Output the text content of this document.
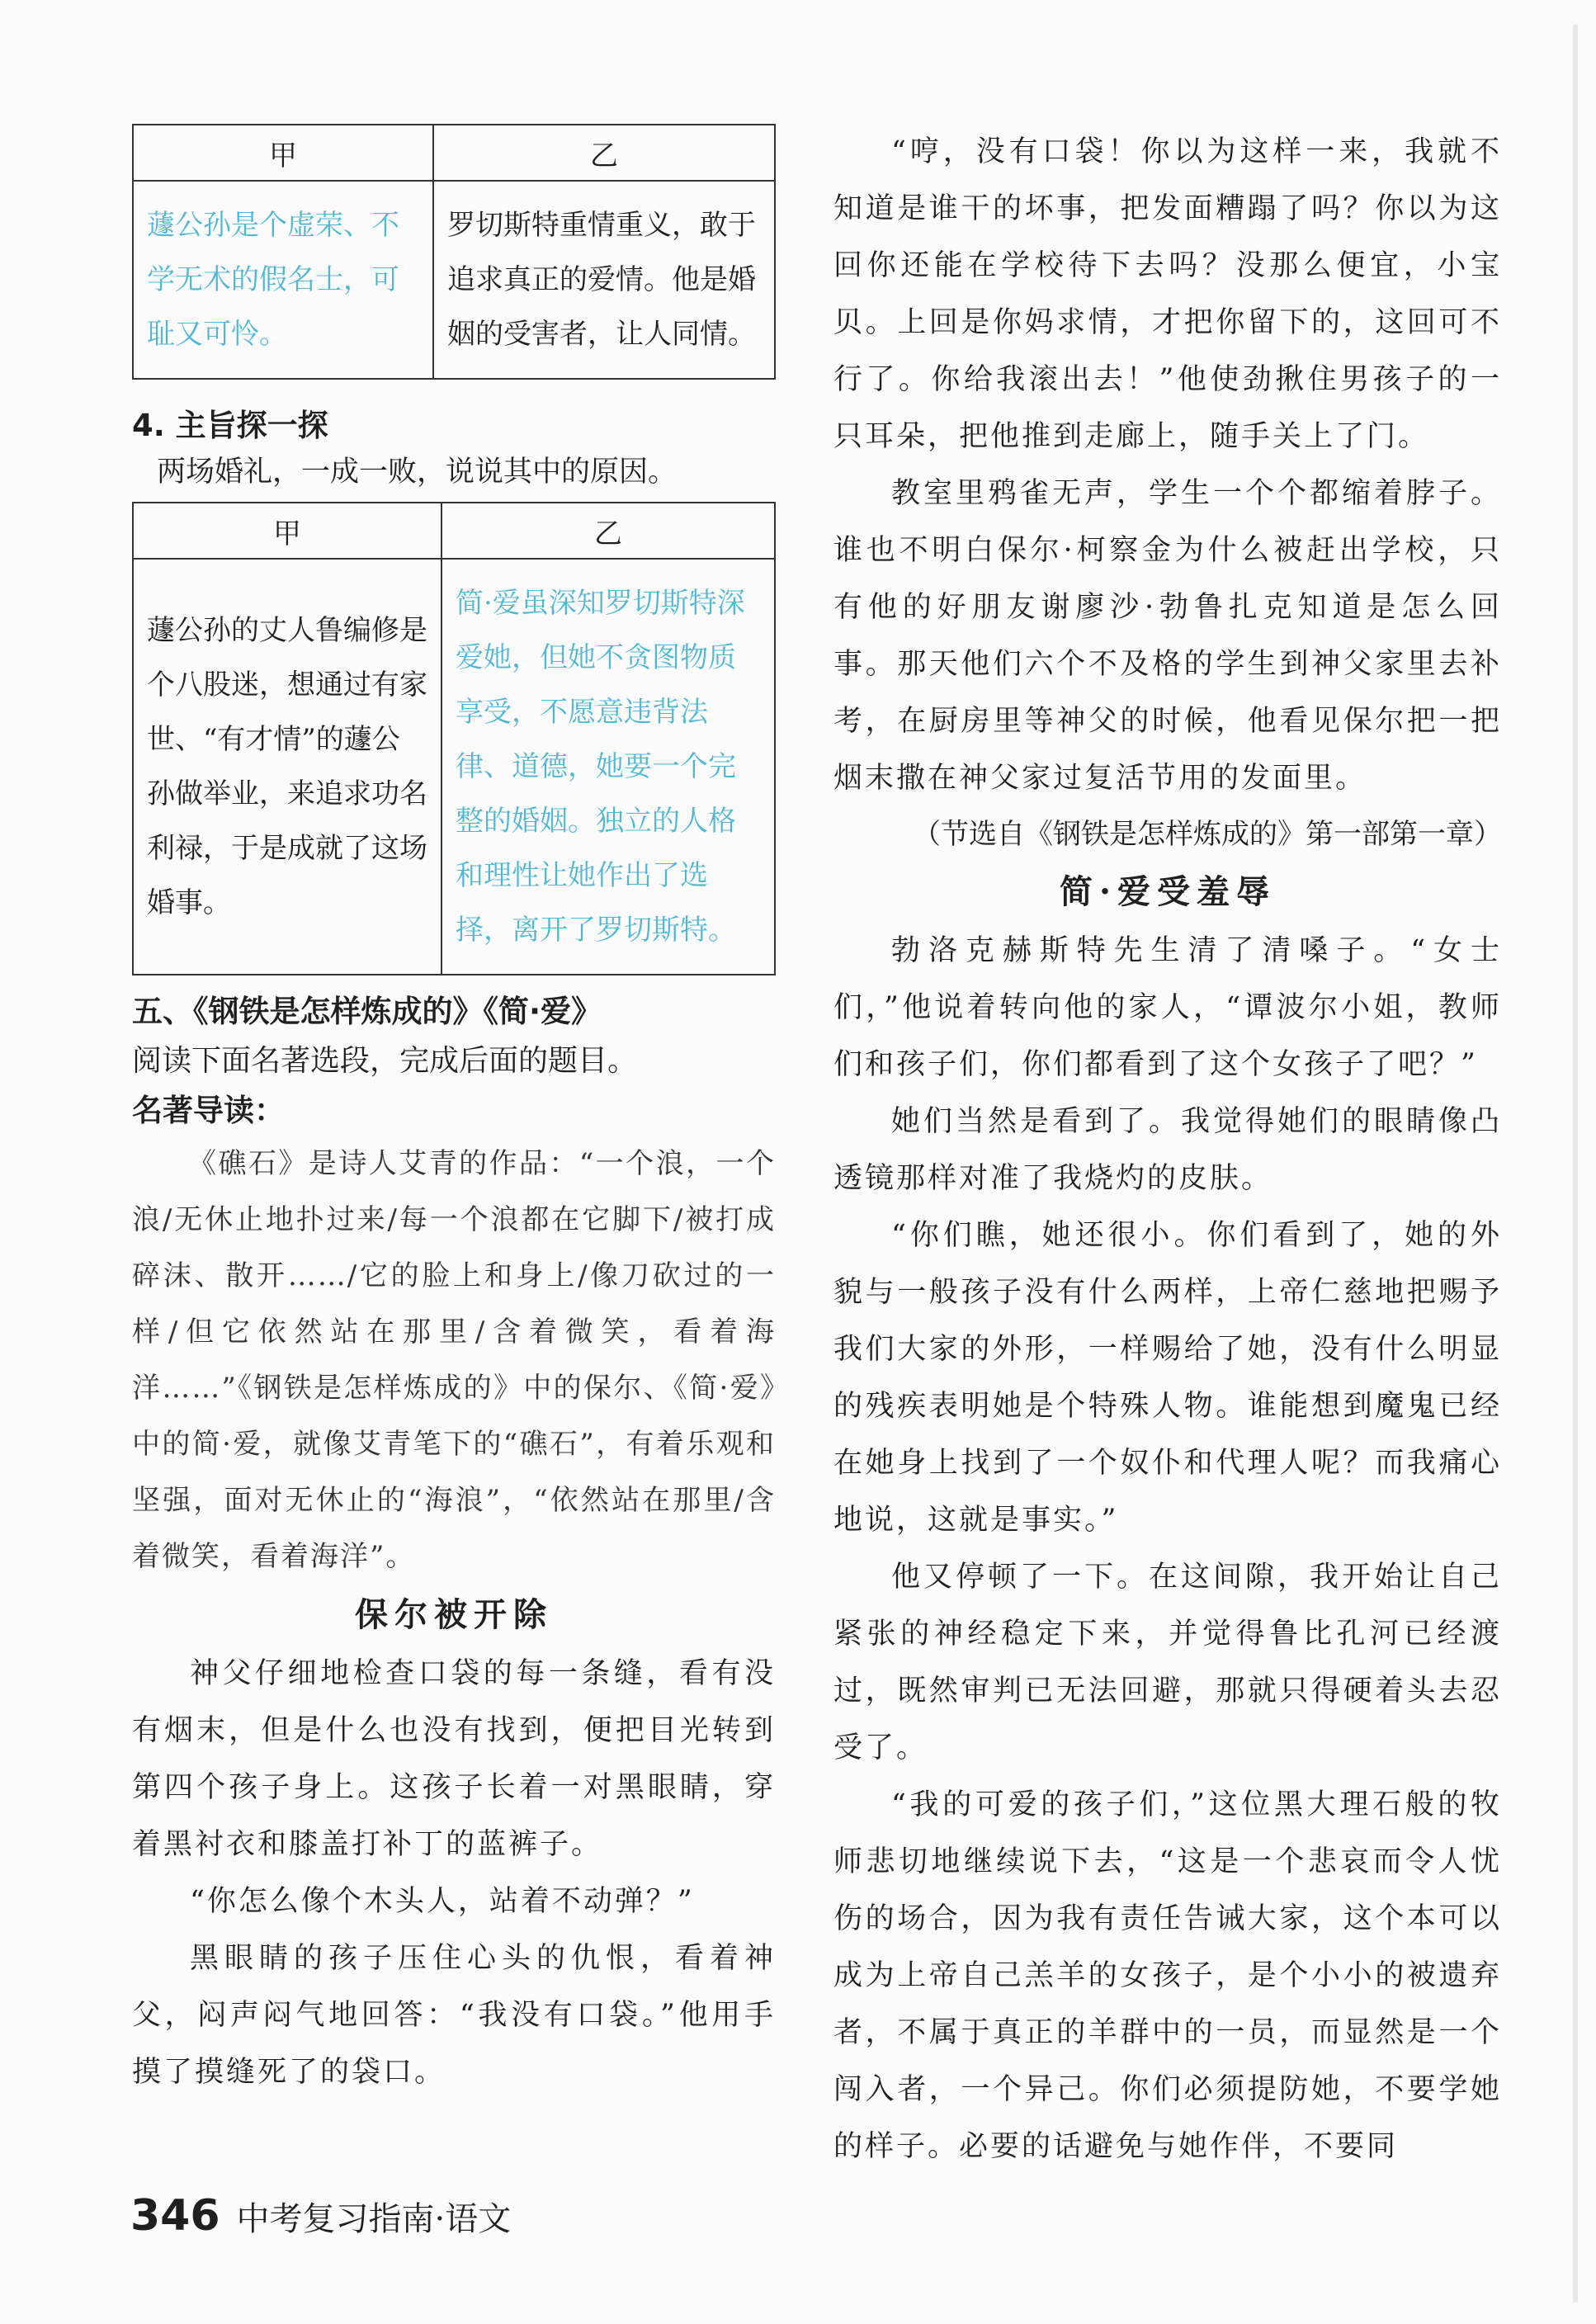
甲	乙
蘧公孙是个虚荣、不学无术的假名士，可耻又可怜。	罗切斯特重情重义，敢于追求真正的爱情。他是婚姻的受害者，让人同情。
4. 主旨探一探
两场婚礼，一成一败，说说其中的原因。
甲	乙
蘧公孙的丈人鲁编修是个八股迷，想通过有家世、“有才情”的蘧公孙做举业，来追求功名利禄，于是成就了这场婚事。	简·爱虽深知罗切斯特深爱她，但她不贪图物质享受，不愿意违背法律、道德，她要一个完整的婚姻。独立的人格和理性让她作出了选择，离开了罗切斯特。
五、《钢铁是怎样炼成的》《简·爱》

阅读下面名著选段，完成后面的题目。

名著导读：

《礁石》是诗人艾青的作品：“一个浪，一个浪/无休止地扑过来/每一个浪都在它脚下/被打成碎沫、散开……/它的脸上和身上/像刀砍过的一样/但它依然站在那里/含着微笑，看着海洋……”《钢铁是怎样炼成的》中的保尔、《简·爱》中的简·爱，就像艾青笔下的“礁石”，有着乐观和坚强，面对无休止的“海浪”，“依然站在那里/含着微笑，看着海洋”。

保尔被开除

神父仔细地检查口袋的每一条缝，看有没有烟末，但是什么也没有找到，便把目光转到第四个孩子身上。这孩子长着一对黑眼睛，穿着黑衬衣和膝盖打补丁的蓝裤子。

“你怎么像个木头人，站着不动弹？”

黑眼睛的孩子压住心头的仇恨，看着神父，闷声闷气地回答：“我没有口袋。”他用手摸了摸缝死了的袋口。

“哼，没有口袋！你以为这样一来，我就不知道是谁干的坏事，把发面糟蹋了吗？你以为这回你还能在学校待下去吗？没那么便宜，小宝贝。上回是你妈求情，才把你留下的，这回可不行了。你给我滚出去！”他使劲揪住男孩子的一只耳朵，把他推到走廊上，随手关上了门。

教室里鸦雀无声，学生一个个都缩着脖子。谁也不明白保尔·柯察金为什么被赶出学校，只有他的好朋友谢廖沙·勃鲁扎克知道是怎么回事。那天他们六个不及格的学生到神父家里去补考，在厨房里等神父的时候，他看见保尔把一把烟末撒在神父家过复活节用的发面里。

（节选自《钢铁是怎样炼成的》第一部第一章）

简·爱受羞辱

勃洛克赫斯特先生清了清嗓子。“女士们，”他说着转向他的家人，“谭波尔小姐，教师们和孩子们，你们都看到了这个女孩子了吧？”

她们当然是看到了。我觉得她们的眼睛像凸透镜那样对准了我烧灼的皮肤。

“你们瞧，她还很小。你们看到了，她的外貌与一般孩子没有什么两样，上帝仁慈地把赐予我们大家的外形，一样赐给了她，没有什么明显的残疾表明她是个特殊人物。谁能想到魔鬼已经在她身上找到了一个奴仆和代理人呢？而我痛心地说，这就是事实。”

他又停顿了一下。在这间隙，我开始让自己紧张的神经稳定下来，并觉得鲁比孔河已经渡过，既然审判已无法回避，那就只得硬着头去忍受了。

“我的可爱的孩子们，”这位黑大理石般的牧师悲切地继续说下去，“这是一个悲哀而令人忧伤的场合，因为我有责任告诫大家，这个本可以成为上帝自己羔羊的女孩子，是个小小的被遗弃者，不属于真正的羊群中的一员，而显然是一个闯入者，一个异己。你们必须提防她，不要学她的样子。必要的话避免与她作伴，不要同

346 中考复习指南·语文
